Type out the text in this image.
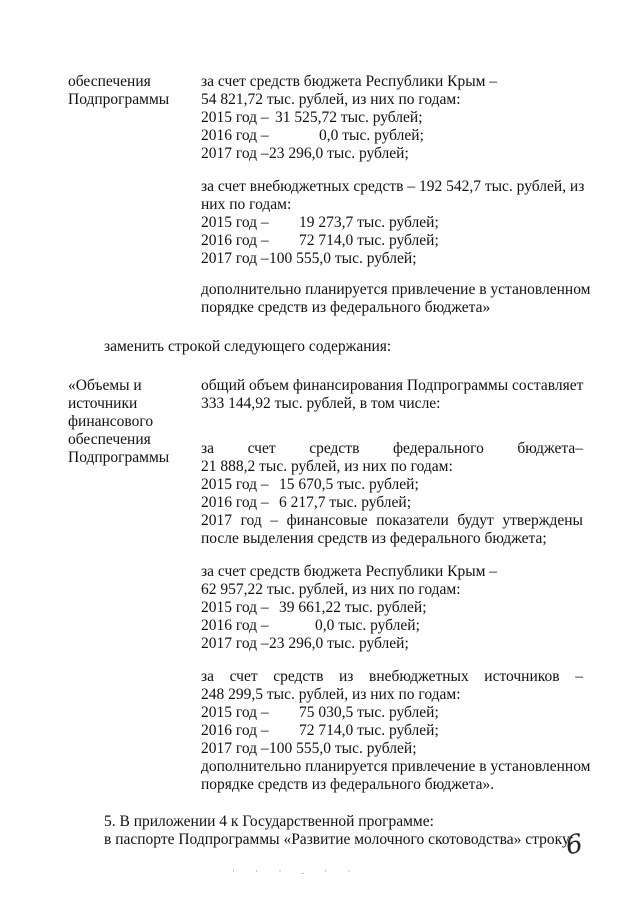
обеспечения
Подпрограммы
за счет средств бюджета Республики Крым –
54 821,72 тыс. рублей, из них по годам:
2015 год – 31 525,72 тыс. рублей;
2016 год –	0,0 тыс. рублей;
2017 год –23 296,0 тыс. рублей;
за счет внебюджетных средств – 192 542,7 тыс. рублей, из
них по годам:
2015 год – 19 273,7 тыс. рублей;
2016 год – 72 714,0 тыс. рублей;
2017 год –100 555,0 тыс. рублей;
дополнительно планируется привлечение в установленном
порядке средств из федерального бюджета»
заменить строкой следующего содержания:
«Объемы и
источники
финансового
обеспечения
Подпрограммы
общий объем финансирования Подпрограммы составляет
333 144,92 тыс. рублей, в том числе:
за счет средств федерального бюджета–
21 888,2 тыс. рублей, из них по годам:
2015 год – 15 670,5 тыс. рублей;
2016 год – 6 217,7 тыс. рублей;
2017 год – финансовые показатели будут утверждены
после выделения средств из федерального бюджета;
за счет средств бюджета Республики Крым –
62 957,22 тыс. рублей, из них по годам:
2015 год – 39 661,22 тыс. рублей;
2016 год –	0,0 тыс. рублей;
2017 год –23 296,0 тыс. рублей;
за счет средств из внебюджетных источников –
248 299,5 тыс. рублей, из них по годам:
2015 год – 75 030,5 тыс. рублей;
2016 год – 72 714,0 тыс. рублей;
2017 год –100 555,0 тыс. рублей;
дополнительно планируется привлечение в установленном
порядке средств из федерального бюджета».
5. В приложении 4 к Государственной программе:
в паспорте Подпрограммы «Развитие молочного скотоводства» строку:
6
· · · . · ·
